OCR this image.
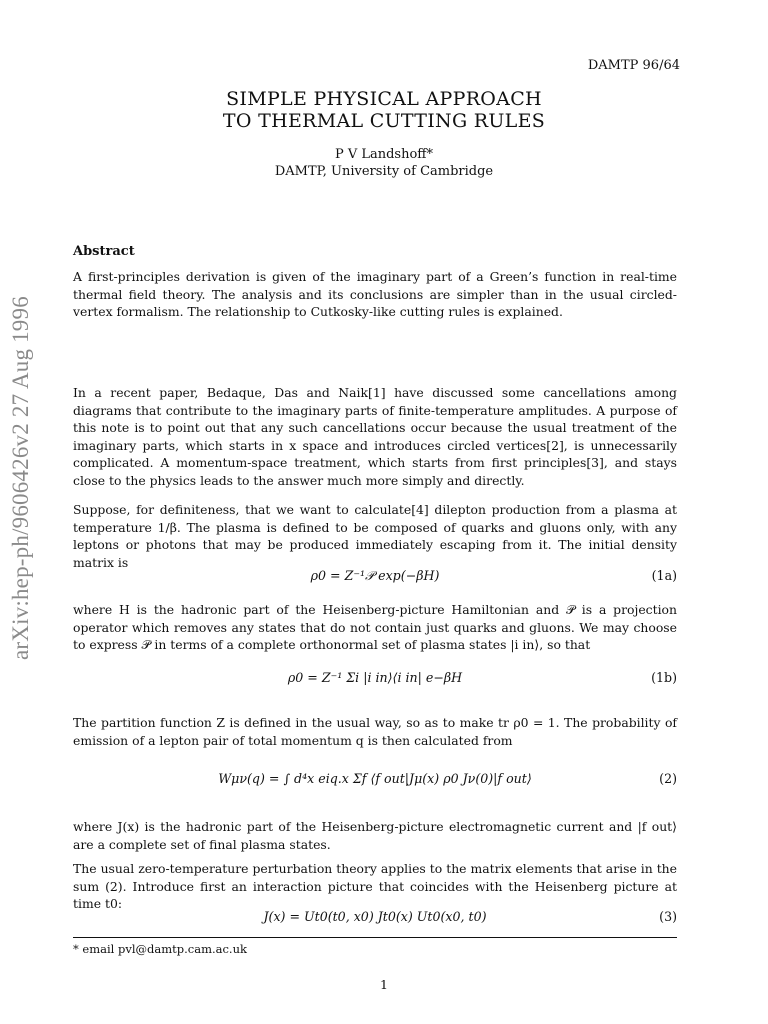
DAMTP 96/64
SIMPLE PHYSICAL APPROACH
TO THERMAL CUTTING RULES
P V Landshoff*
DAMTP, University of Cambridge
arXiv:hep-ph/9606426v2 27 Aug 1996
Abstract
A first-principles derivation is given of the imaginary part of a Green’s function in real-time thermal field theory. The analysis and its conclusions are simpler than in the usual circled-vertex formalism. The relationship to Cutkosky-like cutting rules is explained.
In a recent paper, Bedaque, Das and Naik[1] have discussed some cancellations among diagrams that contribute to the imaginary parts of finite-temperature amplitudes. A purpose of this note is to point out that any such cancellations occur because the usual treatment of the imaginary parts, which starts in x space and introduces circled vertices[2], is unnecessarily complicated. A momentum-space treatment, which starts from first principles[3], and stays close to the physics leads to the answer much more simply and directly.
Suppose, for definiteness, that we want to calculate[4] dilepton production from a plasma at temperature 1/β. The plasma is defined to be composed of quarks and gluons only, with any leptons or photons that may be produced immediately escaping from it. The initial density matrix is
ρ0 = Z⁻¹𝒫 exp(−βH)	(1a)
where H is the hadronic part of the Heisenberg-picture Hamiltonian and 𝒫 is a projection operator which removes any states that do not contain just quarks and gluons. We may choose to express 𝒫 in terms of a complete orthonormal set of plasma states |i in⟩, so that
ρ0 = Z⁻¹ Σi |i in⟩⟨i in| e−βH	(1b)
The partition function Z is defined in the usual way, so as to make tr ρ0 = 1. The probability of emission of a lepton pair of total momentum q is then calculated from
Wμν(q) = ∫ d⁴x eiq.x Σf ⟨f out|Jμ(x) ρ0 Jν(0)|f out⟩	(2)
where J(x) is the hadronic part of the Heisenberg-picture electromagnetic current and |f out⟩ are a complete set of final plasma states.
The usual zero-temperature perturbation theory applies to the matrix elements that arise in the sum (2). Introduce first an interaction picture that coincides with the Heisenberg picture at time t0:
J(x) = Ut0(t0, x0) Jt0(x) Ut0(x0, t0)	(3)
* email pvl@damtp.cam.ac.uk
1
